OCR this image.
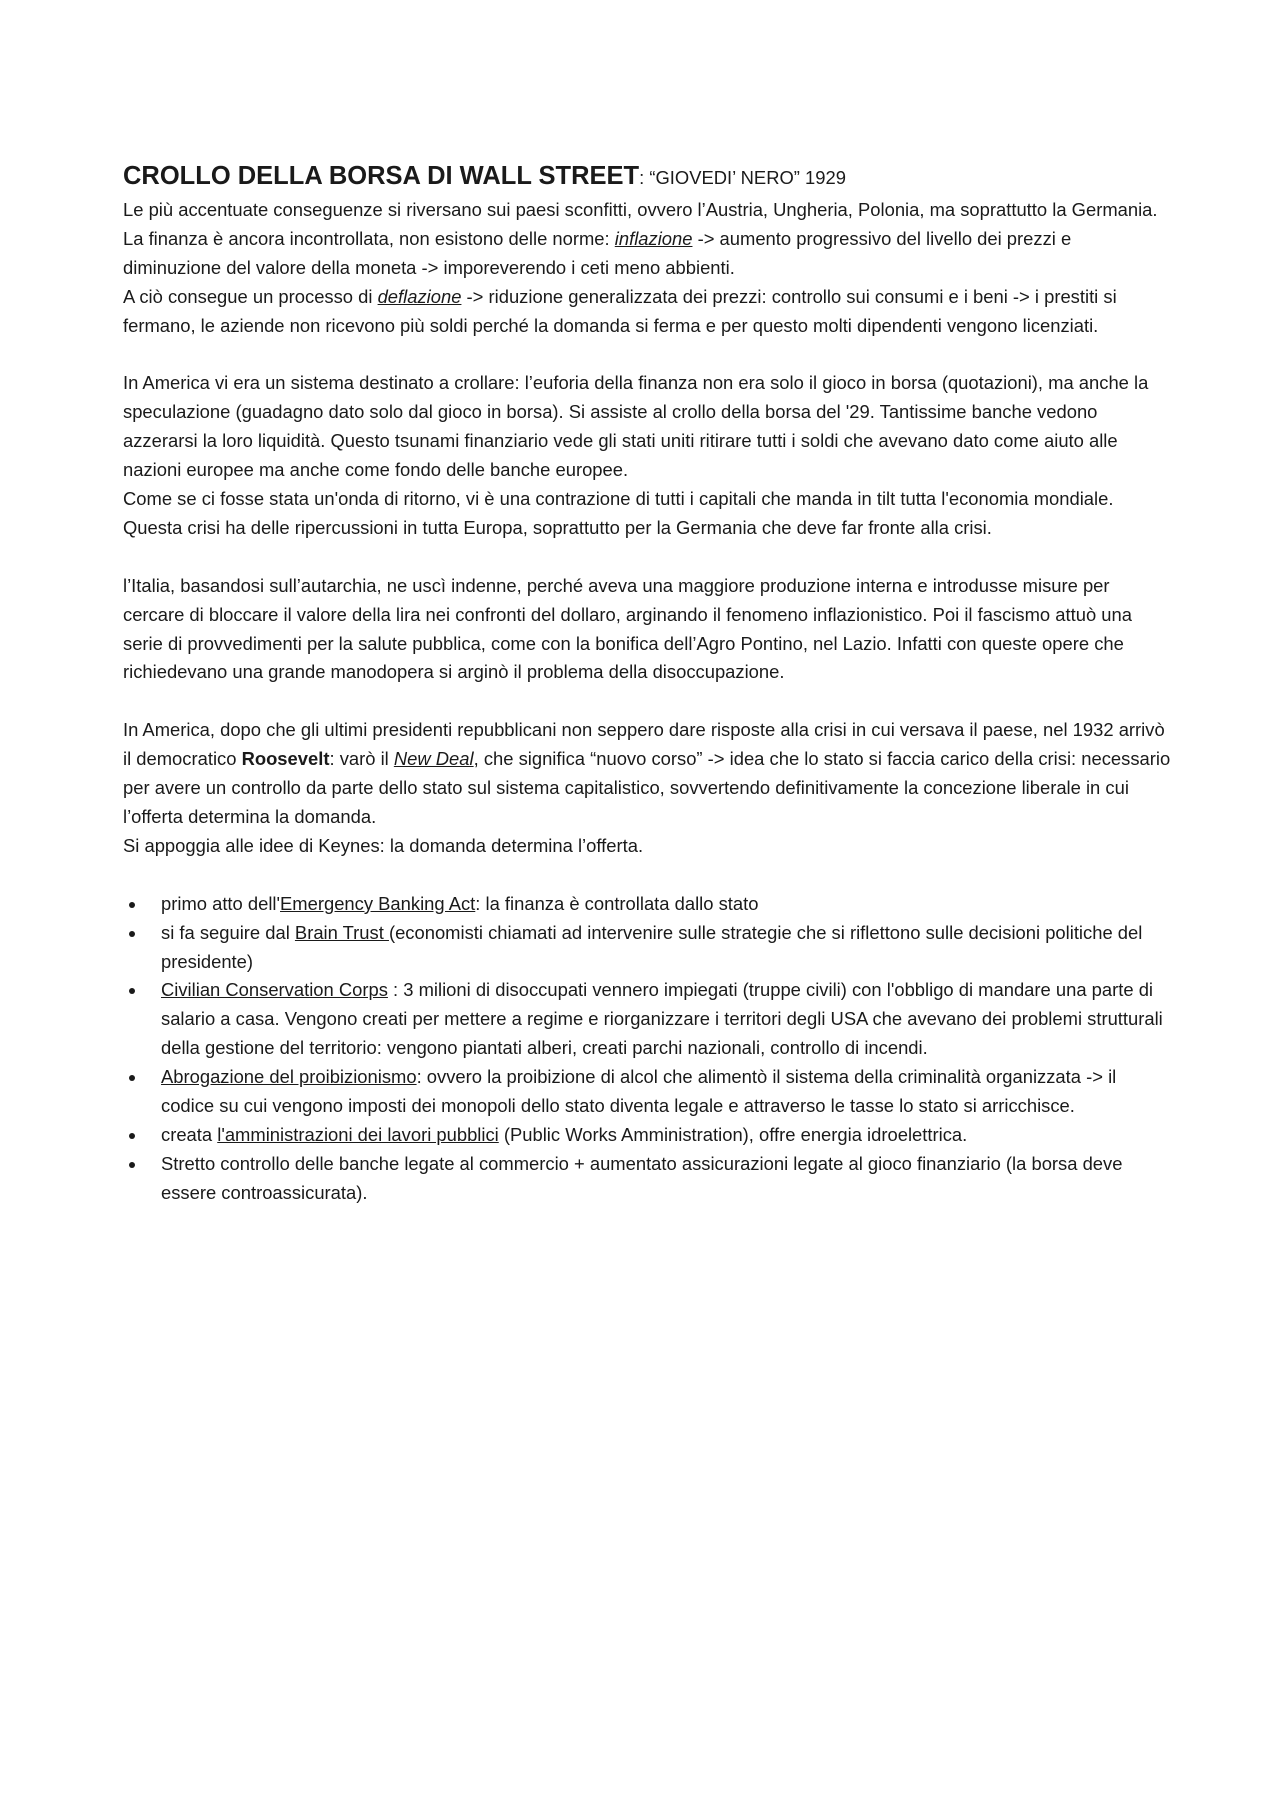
CROLLO DELLA BORSA DI WALL STREET: “GIOVEDI’ NERO” 1929

Le più accentuate conseguenze si riversano sui paesi sconfitti, ovvero l’Austria, Ungheria, Polonia, ma soprattutto la Germania. La finanza è ancora incontrollata, non esistono delle norme: inflazione -> aumento progressivo del livello dei prezzi e diminuzione del valore della moneta -> imporeverendo i ceti meno abbienti.

A ciò consegue un processo di deflazione -> riduzione generalizzata dei prezzi: controllo sui consumi e i beni -> i prestiti si fermano, le aziende non ricevono più soldi perché la domanda si ferma e per questo molti dipendenti vengono licenziati.

In America vi era un sistema destinato a crollare: l’euforia della finanza non era solo il gioco in borsa (quotazioni), ma anche la speculazione (guadagno dato solo dal gioco in borsa). Si assiste al crollo della borsa del '29. Tantissime banche vedono azzerarsi la loro liquidità. Questo tsunami finanziario vede gli stati uniti ritirare tutti i soldi che avevano dato come aiuto alle nazioni europee ma anche come fondo delle banche europee.

Come se ci fosse stata un'onda di ritorno, vi è una contrazione di tutti i capitali che manda in tilt tutta l'economia mondiale.

Questa crisi ha delle ripercussioni in tutta Europa, soprattutto per la Germania che deve far fronte alla crisi.

l’Italia, basandosi sull’autarchia, ne uscì indenne, perché aveva una maggiore produzione interna e introdusse misure per cercare di bloccare il valore della lira nei confronti del dollaro, arginando il fenomeno inflazionistico. Poi il fascismo attuò una serie di provvedimenti per la salute pubblica, come con la bonifica dell’Agro Pontino, nel Lazio. Infatti con queste opere che richiedevano una grande manodopera si arginò il problema della disoccupazione.

In America, dopo che gli ultimi presidenti repubblicani non seppero dare risposte alla crisi in cui versava il paese, nel 1932 arrivò il democratico Roosevelt: varò il New Deal, che significa “nuovo corso” -> idea che lo stato si faccia carico della crisi: necessario per avere un controllo da parte dello stato sul sistema capitalistico, sovvertendo definitivamente la concezione liberale in cui l’offerta determina la domanda.

Si appoggia alle idee di Keynes: la domanda determina l’offerta.

primo atto dell'Emergency Banking Act: la finanza è controllata dallo stato
si fa seguire dal Brain Trust (economisti chiamati ad intervenire sulle strategie che si riflettono sulle decisioni politiche del presidente)
Civilian Conservation Corps : 3 milioni di disoccupati vennero impiegati (truppe civili) con l'obbligo di mandare una parte di salario a casa. Vengono creati per mettere a regime e riorganizzare i territori degli USA che avevano dei problemi strutturali della gestione del territorio: vengono piantati alberi, creati parchi nazionali, controllo di incendi.
Abrogazione del proibizionismo: ovvero la proibizione di alcol che alimentò il sistema della criminalità organizzata -> il codice su cui vengono imposti dei monopoli dello stato diventa legale e attraverso le tasse lo stato si arricchisce.
creata l'amministrazioni dei lavori pubblici (Public Works Amministration), offre energia idroelettrica.
Stretto controllo delle banche legate al commercio + aumentato assicurazioni legate al gioco finanziario (la borsa deve essere controassicurata).
